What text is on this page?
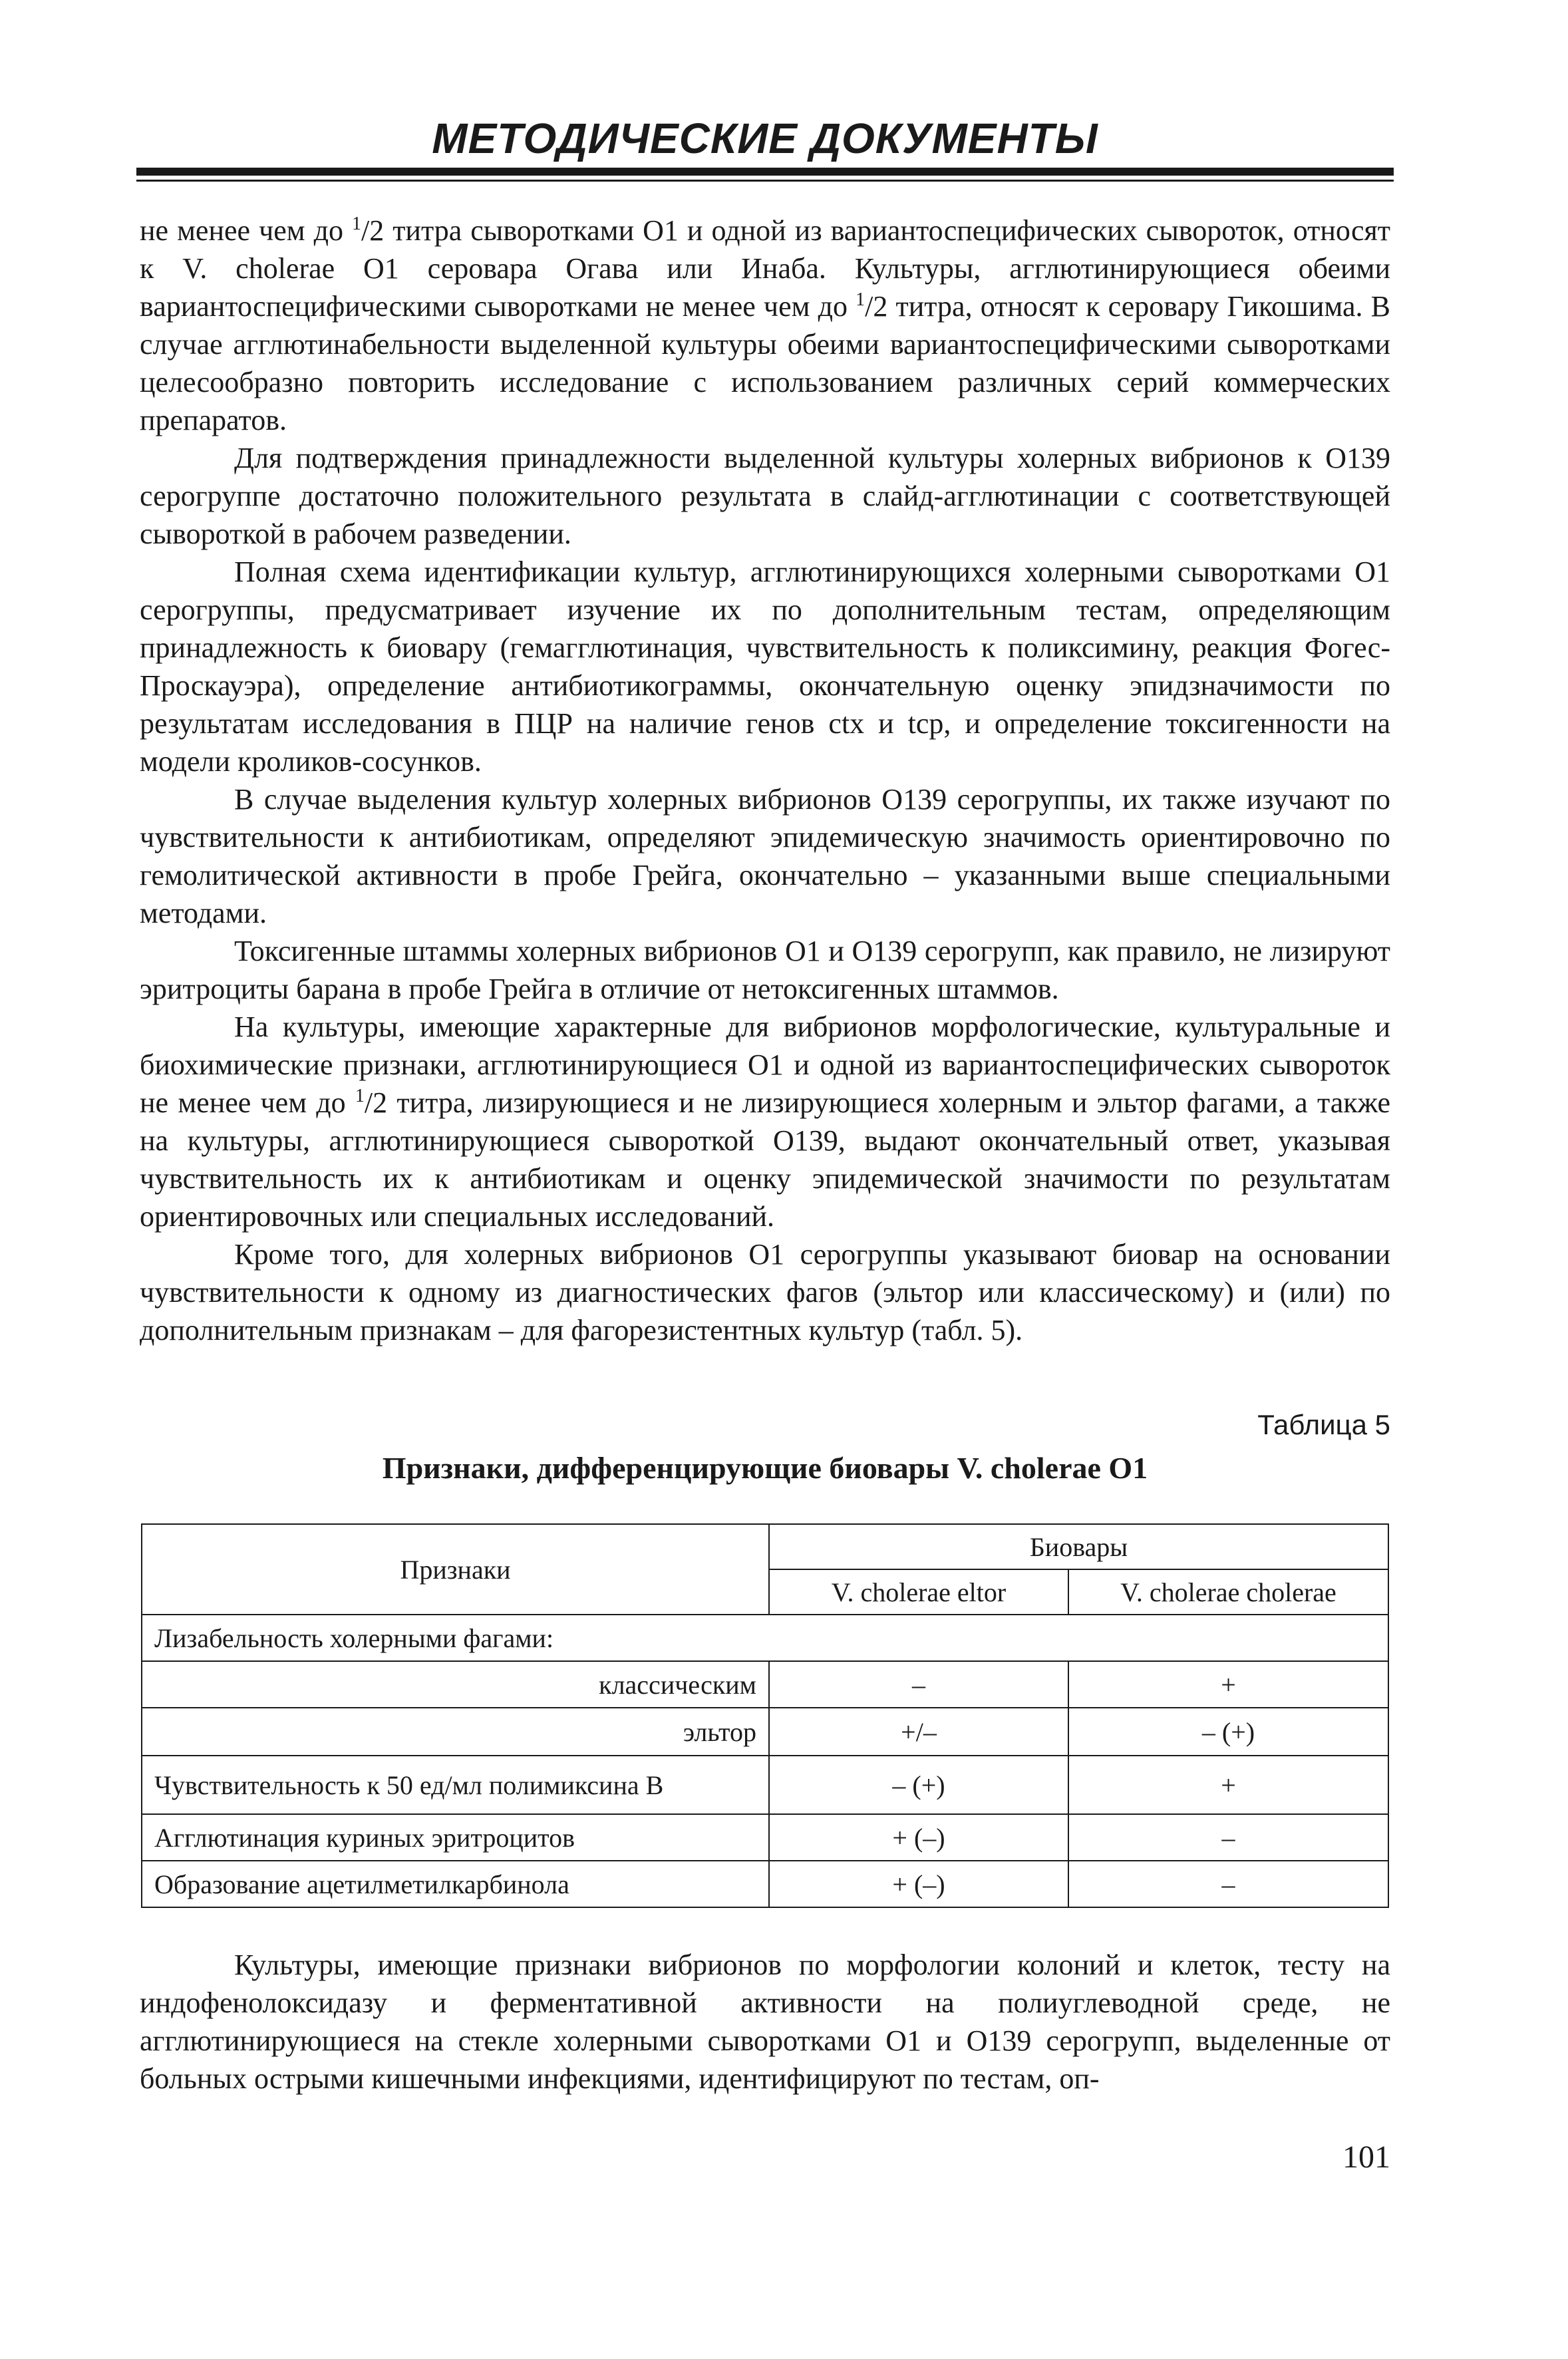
МЕТОДИЧЕСКИЕ ДОКУМЕНТЫ

не менее чем до $^1$/2 титра сыворотками О1 и одной из вариантоспецифических сывороток, относят к V. cholerae О1 серовара Огава или Инаба. Культуры, агглютинирующиеся обеими вариантоспецифическими сыворотками не менее чем до $^1$/2 титра, относят к серовару Гикошима. В случае агглютинабельности выделенной культуры обеими вариантоспецифическими сыворотками целесообразно повторить исследование с использованием различных серий коммерческих препаратов.

Для подтверждения принадлежности выделенной культуры холерных вибрионов к О139 серогруппе достаточно положительного результата в слайд-агглютинации с соответствующей сывороткой в рабочем разведении.

Полная схема идентификации культур, агглютинирующихся холерными сыворотками О1 серогруппы, предусматривает изучение их по дополнительным тестам, определяющим принадлежность к биовару (гемагглютинация, чувствительность к поликсимину, реакция Фогес-Проскауэра), определение антибиотикограммы, окончательную оценку эпидзначимости по результатам исследования в ПЦР на наличие генов ctx и tcp, и определение токсигенности на модели кроликов-сосунков.

В случае выделения культур холерных вибрионов О139 серогруппы, их также изучают по чувствительности к антибиотикам, определяют эпидемическую значимость ориентировочно по гемолитической активности в пробе Грейга, окончательно – указанными выше специальными методами.

Токсигенные штаммы холерных вибрионов О1 и О139 серогрупп, как правило, не лизируют эритроциты барана в пробе Грейга в отличие от нетоксигенных штаммов.

На культуры, имеющие характерные для вибрионов морфологические, культуральные и биохимические признаки, агглютинирующиеся О1 и одной из вариантоспецифических сывороток не менее чем до $^1$/2 титра, лизирующиеся и не лизирующиеся холерным и эльтор фагами, а также на культуры, агглютинирующиеся сывороткой О139, выдают окончательный ответ, указывая чувствительность их к антибиотикам и оценку эпидемической значимости по результатам ориентировочных или специальных исследований.

Кроме того, для холерных вибрионов О1 серогруппы указывают биовар на основании чувствительности к одному из диагностических фагов (эльтор или классическому) и (или) по дополнительным признакам – для фагорезистентных культур (табл. 5).

Таблица 5
Признаки, дифференцирующие биовары V. cholerae О1
Признаки	Биовары	
	V. cholerae eltor	V. cholerae cholerae
Лизабельность холерными фагами:		
классическим	–	+
эльтор	+/–	– (+)
Чувствительность к 50 ед/мл полимиксина В	– (+)	+
Агглютинация куриных эритроцитов	+ (–)	–
Образование ацетилметилкарбинола	+ (–)	–

Культуры, имеющие признаки вибрионов по морфологии колоний и клеток, тесту на индофенолоксидазу и ферментативной активности на полиуглеводной среде, не агглютинирующиеся на стекле холерными сыворотками О1 и О139 серогрупп, выделенные от больных острыми кишечными инфекциями, идентифицируют по тестам, оп-

101
